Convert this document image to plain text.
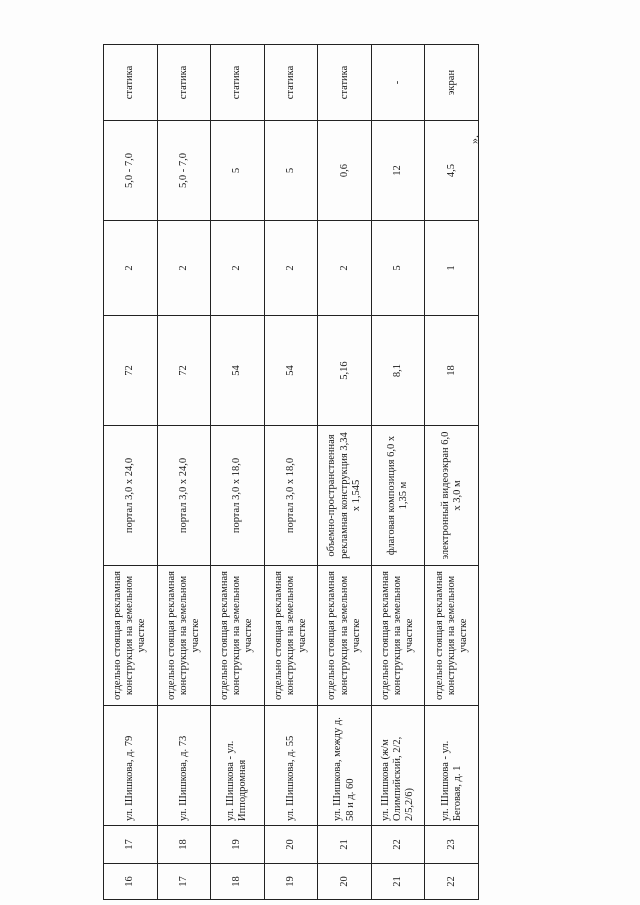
16	17	ул. Шишкова, д. 79	отдельно стоящая рекламная конструкция на земельном участке	портал 3,0 х 24,0	72	2	5,0 - 7,0	статика
17	18	ул. Шишкова, д. 73	отдельно стоящая рекламная конструкция на земельном участке	портал 3,0 х 24,0	72	2	5,0 - 7,0	статика
18	19	ул. Шишкова - ул. Ипподромная	отдельно стоящая рекламная конструкция на земельном участке	портал 3,0 х 18,0	54	2	5	статика
19	20	ул. Шишкова, д. 55	отдельно стоящая рекламная конструкция на земельном участке	портал 3,0 х 18,0	54	2	5	статика
20	21	ул. Шишкова, между д. 58 и д. 60	отдельно стоящая рекламная конструкция на земельном участке	объемно-пространственная рекламная конструкция 3,34 х 1,545	5,16	2	0,6	статика
21	22	ул. Шишкова (ж/м Олимпийский, 2/2, 2/5,2/6)	отдельно стоящая рекламная конструкция на земельном участке	флаговая композиция 6,0 х 1,35 м	8,1	5	12	-
22	23	ул. Шишкова - ул. Беговая, д. 1	отдельно стоящая рекламная конструкция на земельном участке	электронный видеоэкран 6,0 х 3,0 м	18	1	4,5	экран
».
